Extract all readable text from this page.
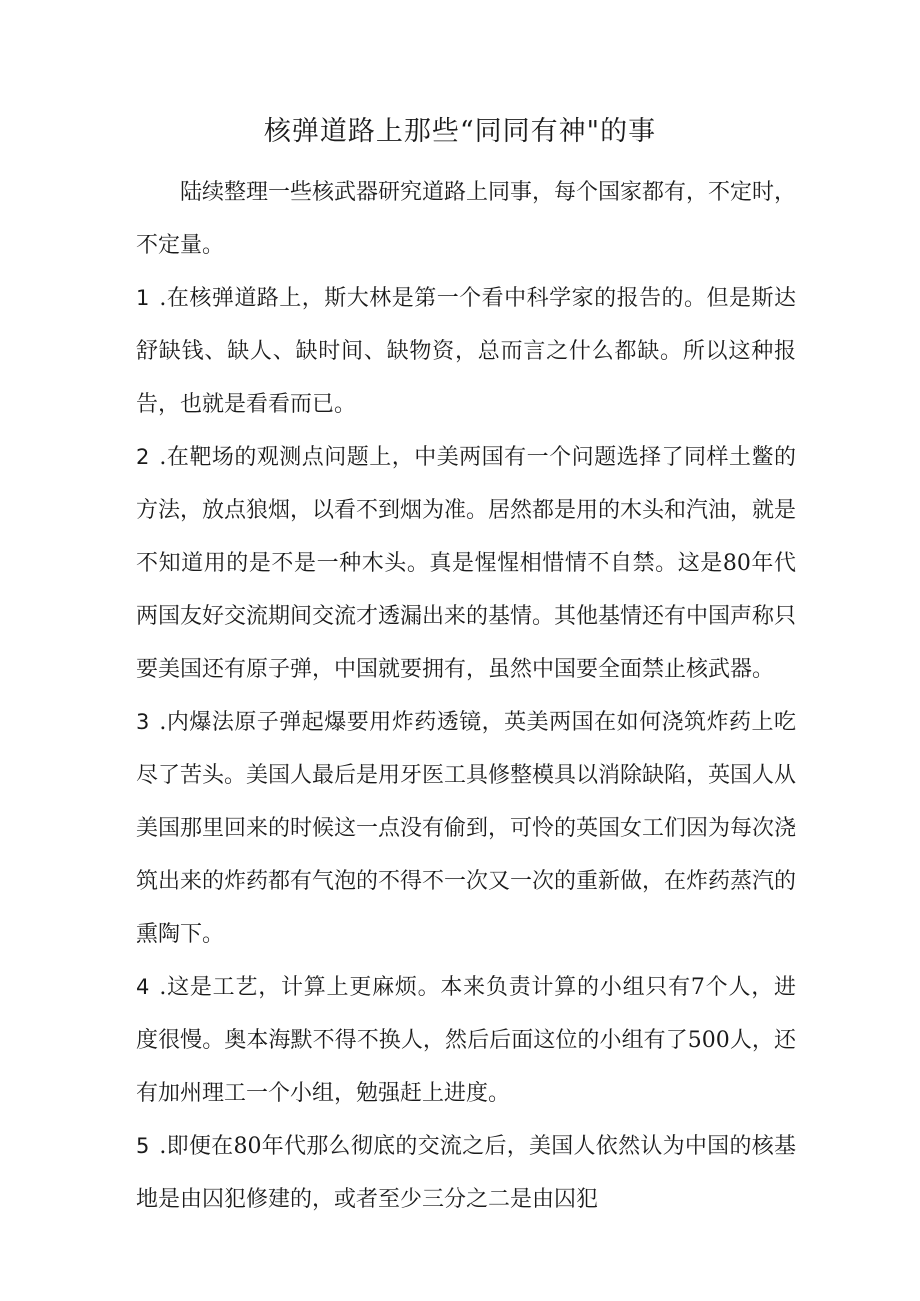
核弹道路上那些“同同有神"的事

陆续整理一些核武器研究道路上同事，每个国家都有，不定时，不定量。

1 .在核弹道路上，斯大林是第一个看中科学家的报告的。但是斯达舒缺钱、缺人、缺时间、缺物资，总而言之什么都缺。所以这种报告，也就是看看而已。

2 .在靶场的观测点问题上，中美两国有一个问题选择了同样土鳖的方法，放点狼烟，以看不到烟为准。居然都是用的木头和汽油，就是不知道用的是不是一种木头。真是惺惺相惜情不自禁。这是80年代两国友好交流期间交流才透漏出来的基情。其他基情还有中国声称只要美国还有原子弹，中国就要拥有，虽然中国要全面禁止核武器。

3 .内爆法原子弹起爆要用炸药透镜，英美两国在如何浇筑炸药上吃尽了苦头。美国人最后是用牙医工具修整模具以消除缺陷，英国人从美国那里回来的时候这一点没有偷到，可怜的英国女工们因为每次浇筑出来的炸药都有气泡的不得不一次又一次的重新做，在炸药蒸汽的熏陶下。

4 .这是工艺，计算上更麻烦。本来负责计算的小组只有7个人，进度很慢。奥本海默不得不换人，然后后面这位的小组有了500人，还有加州理工一个小组，勉强赶上进度。

5 .即便在80年代那么彻底的交流之后，美国人依然认为中国的核基地是由囚犯修建的，或者至少三分之二是由囚犯
